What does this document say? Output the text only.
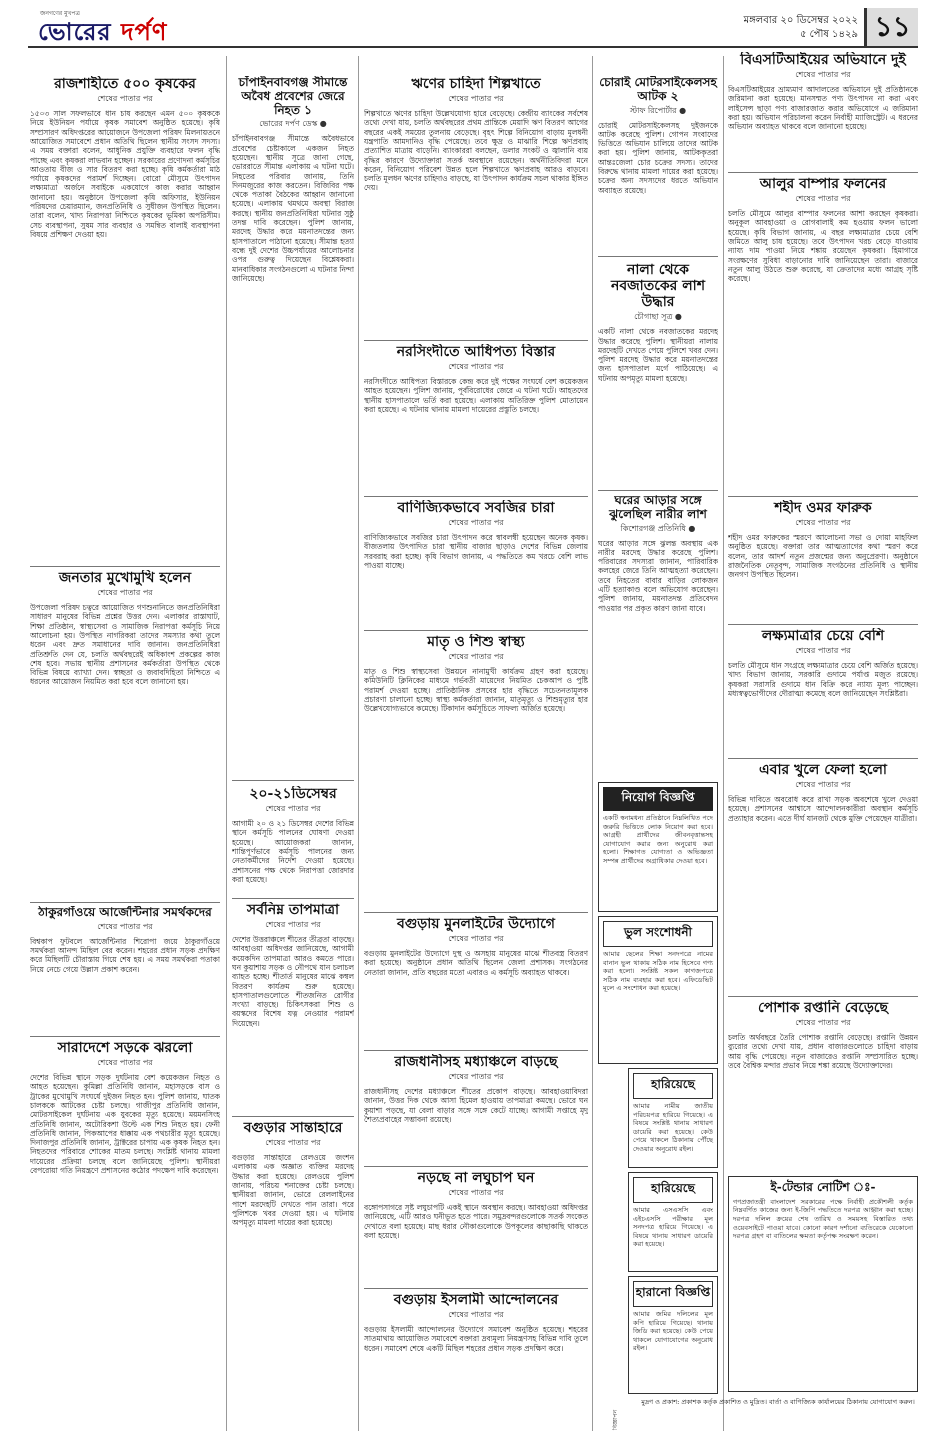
জনগণের মুখপত্র
ভোরের দর্পণ	মঙ্গলবার ২০ ডিসেম্বর ২০২২
৫ পৌষ ১৪২৯ ১১
রাজশাহীতে ৫০০ কৃষকের
শেষের পাতার পর
১৫০৩ সাল সফলভাবে ধান চাষ করছেন এমন ৫০০ কৃষককে নিয়ে ইউনিয়ন পর্যায়ে কৃষক সমাবেশ অনুষ্ঠিত হয়েছে। কৃষি সম্প্রসারণ অধিদপ্তরের আয়োজনে উপজেলা পরিষদ মিলনায়তনে আয়োজিত সমাবেশে প্রধান অতিথি ছিলেন স্থানীয় সংসদ সদস্য। এ সময় বক্তারা বলেন, আধুনিক প্রযুক্তি ব্যবহারে ফলন বৃদ্ধি পাচ্ছে এবং কৃষকরা লাভবান হচ্ছেন। সরকারের প্রণোদনা কর্মসূচির আওতায় বীজ ও সার বিতরণ করা হচ্ছে। কৃষি কর্মকর্তারা মাঠ পর্যায়ে কৃষকদের পরামর্শ দিচ্ছেন। বোরো মৌসুমে উৎপাদন লক্ষ্যমাত্রা অর্জনে সবাইকে একযোগে কাজ করার আহ্বান জানানো হয়। অনুষ্ঠানে উপজেলা কৃষি অফিসার, ইউনিয়ন পরিষদের চেয়ারম্যান, জনপ্রতিনিধি ও সুধীজন উপস্থিত ছিলেন। তারা বলেন, খাদ্য নিরাপত্তা নিশ্চিতে কৃষকের ভূমিকা অপরিসীম। সেচ ব্যবস্থাপনা, সুষম সার ব্যবহার ও সমন্বিত বালাই ব্যবস্থাপনা বিষয়ে প্রশিক্ষণ দেওয়া হয়।
জনতার মুখোমুখি হলেন
শেষের পাতার পর
উপজেলা পরিষদ চত্বরে আয়োজিত গণশুনানিতে জনপ্রতিনিধিরা সাধারণ মানুষের বিভিন্ন প্রশ্নের উত্তর দেন। এলাকার রাস্তাঘাট, শিক্ষা প্রতিষ্ঠান, স্বাস্থ্যসেবা ও সামাজিক নিরাপত্তা কর্মসূচি নিয়ে আলোচনা হয়। উপস্থিত নাগরিকরা তাদের সমস্যার কথা তুলে ধরেন এবং দ্রুত সমাধানের দাবি জানান। জনপ্রতিনিধিরা প্রতিশ্রুতি দেন যে, চলতি অর্থবছরেই অধিকাংশ প্রকল্পের কাজ শেষ হবে। সভায় স্থানীয় প্রশাসনের কর্মকর্তারা উপস্থিত থেকে বিভিন্ন বিষয়ে ব্যাখ্যা দেন। স্বচ্ছতা ও জবাবদিহিতা নিশ্চিতে এ ধরনের আয়োজন নিয়মিত করা হবে বলে জানানো হয়।
ঠাকুরগাঁওয়ে আর্জেন্টিনার সমর্থকদের
শেষের পাতার পর
বিশ্বকাপ ফুটবলে আর্জেন্টিনার শিরোপা জয়ে ঠাকুরগাঁওয়ে সমর্থকরা আনন্দ মিছিল বের করেন। শহরের প্রধান সড়ক প্রদক্ষিণ করে মিছিলটি চৌরাস্তায় গিয়ে শেষ হয়। এ সময় সমর্থকরা পতাকা নিয়ে নেচে গেয়ে উল্লাস প্রকাশ করেন।
সারাদেশে সড়কে ঝরলো
শেষের পাতার পর
দেশের বিভিন্ন স্থানে সড়ক দুর্ঘটনায় বেশ কয়েকজন নিহত ও আহত হয়েছেন। কুমিল্লা প্রতিনিধি জানান, মহাসড়কে বাস ও ট্রাকের মুখোমুখি সংঘর্ষে দুইজন নিহত হন। পুলিশ জানায়, ঘাতক চালককে আটকের চেষ্টা চলছে। গাজীপুর প্রতিনিধি জানান, মোটরসাইকেল দুর্ঘটনায় এক যুবকের মৃত্যু হয়েছে। ময়মনসিংহ প্রতিনিধি জানান, অটোরিকশা উল্টে এক শিশু নিহত হয়। ফেনী প্রতিনিধি জানান, পিকআপের ধাক্কায় এক পথচারীর মৃত্যু হয়েছে। দিনাজপুর প্রতিনিধি জানান, ট্রাক্টরের চাপায় এক কৃষক নিহত হন। নিহতদের পরিবারে শোকের মাতম চলছে। সংশ্লিষ্ট থানায় মামলা দায়েরের প্রক্রিয়া চলছে বলে জানিয়েছে পুলিশ। স্থানীয়রা বেপরোয়া গতি নিয়ন্ত্রণে প্রশাসনের কঠোর পদক্ষেপ দাবি করেছেন।
চাঁপাইনবাবগঞ্জ সীমান্তে অবৈধ প্রবেশের জেরে নিহত ১
ভোরের দর্পণ ডেস্ক ●
চাঁপাইনবাবগঞ্জ সীমান্তে অবৈধভাবে প্রবেশের চেষ্টাকালে একজন নিহত হয়েছেন। স্থানীয় সূত্রে জানা গেছে, ভোররাতে সীমান্ত এলাকায় এ ঘটনা ঘটে। নিহতের পরিবার জানায়, তিনি দিনমজুরের কাজ করতেন। বিজিবির পক্ষ থেকে পতাকা বৈঠকের আহ্বান জানানো হয়েছে। এলাকায় থমথমে অবস্থা বিরাজ করছে। স্থানীয় জনপ্রতিনিধিরা ঘটনার সুষ্ঠু তদন্ত দাবি করেছেন। পুলিশ জানায়, মরদেহ উদ্ধার করে ময়নাতদন্তের জন্য হাসপাতালে পাঠানো হয়েছে। সীমান্ত হত্যা বন্ধে দুই দেশের উচ্চপর্যায়ের আলোচনার ওপর গুরুত্ব দিয়েছেন বিশ্লেষকরা। মানবাধিকার সংগঠনগুলো এ ঘটনার নিন্দা জানিয়েছে।
২০-২১ডিসেম্বর
শেষের পাতার পর
আগামী ২০ ও ২১ ডিসেম্বর দেশের বিভিন্ন স্থানে কর্মসূচি পালনের ঘোষণা দেওয়া হয়েছে। আয়োজকরা জানান, শান্তিপূর্ণভাবে কর্মসূচি পালনের জন্য নেতাকর্মীদের নির্দেশ দেওয়া হয়েছে। প্রশাসনের পক্ষ থেকে নিরাপত্তা জোরদার করা হয়েছে।
সর্বনিম্ন তাপমাত্রা
শেষের পাতার পর
দেশের উত্তরাঞ্চলে শীতের তীব্রতা বাড়ছে। আবহাওয়া অধিদপ্তর জানিয়েছে, আগামী কয়েকদিন তাপমাত্রা আরও কমতে পারে। ঘন কুয়াশায় সড়ক ও নৌপথে যান চলাচল ব্যাহত হচ্ছে। শীতার্ত মানুষের মাঝে কম্বল বিতরণ কার্যক্রম শুরু হয়েছে। হাসপাতালগুলোতে শীতজনিত রোগীর সংখ্যা বাড়ছে। চিকিৎসকরা শিশু ও বয়স্কদের বিশেষ যত্ন নেওয়ার পরামর্শ দিয়েছেন।
বগুড়ার সান্তাহারে
শেষের পাতার পর
বগুড়ার সান্তাহারে রেলওয়ে জংশন এলাকায় এক অজ্ঞাত ব্যক্তির মরদেহ উদ্ধার করা হয়েছে। রেলওয়ে পুলিশ জানায়, পরিচয় শনাক্তের চেষ্টা চলছে। স্থানীয়রা জানান, ভোরে রেললাইনের পাশে মরদেহটি দেখতে পান তারা। পরে পুলিশকে খবর দেওয়া হয়। এ ঘটনায় অপমৃত্যু মামলা দায়ের করা হয়েছে।
ঋণের চাহিদা শিল্পখাতে
শেষের পাতার পর
শিল্পখাতে ঋণের চাহিদা উল্লেখযোগ্য হারে বেড়েছে। কেন্দ্রীয় ব্যাংকের সর্বশেষ তথ্যে দেখা যায়, চলতি অর্থবছরের প্রথম প্রান্তিকে মেয়াদি ঋণ বিতরণ আগের বছরের একই সময়ের তুলনায় বেড়েছে। বৃহৎ শিল্পে বিনিয়োগ বাড়ায় মূলধনী যন্ত্রপাতি আমদানিও বৃদ্ধি পেয়েছে। তবে ক্ষুদ্র ও মাঝারি শিল্পে ঋণপ্রবাহ প্রত্যাশিত মাত্রায় বাড়েনি। ব্যাংকাররা বলছেন, ডলার সংকট ও জ্বালানি ব্যয় বৃদ্ধির কারণে উদ্যোক্তারা সতর্ক অবস্থানে রয়েছেন। অর্থনীতিবিদরা মনে করেন, বিনিয়োগ পরিবেশ উন্নত হলে শিল্পখাতে ঋণপ্রবাহ আরও বাড়বে। চলতি মূলধন ঋণের চাহিদাও বাড়ছে, যা উৎপাদন কার্যক্রম সচল থাকার ইঙ্গিত দেয়।
নরসিংদীতে আধিপত্য বিস্তার
শেষের পাতার পর
নরসিংদীতে আধিপত্য বিস্তারকে কেন্দ্র করে দুই পক্ষের সংঘর্ষে বেশ কয়েকজন আহত হয়েছেন। পুলিশ জানায়, পূর্ববিরোধের জেরে এ ঘটনা ঘটে। আহতদের স্থানীয় হাসপাতালে ভর্তি করা হয়েছে। এলাকায় অতিরিক্ত পুলিশ মোতায়েন করা হয়েছে। এ ঘটনায় থানায় মামলা দায়েরের প্রস্তুতি চলছে।
বাণিজ্যিকভাবে সবজির চারা
শেষের পাতার পর
বাণিজ্যিকভাবে সবজির চারা উৎপাদন করে স্বাবলম্বী হয়েছেন অনেক কৃষক। বীজতলায় উৎপাদিত চারা স্থানীয় বাজার ছাড়াও দেশের বিভিন্ন জেলায় সরবরাহ করা হচ্ছে। কৃষি বিভাগ জানায়, এ পদ্ধতিতে কম খরচে বেশি লাভ পাওয়া যাচ্ছে।
মাতৃ ও শিশু স্বাস্থ্য
শেষের পাতার পর
মাতৃ ও শিশু স্বাস্থ্যসেবা উন্নয়নে নানামুখী কার্যক্রম গ্রহণ করা হয়েছে। কমিউনিটি ক্লিনিকের মাধ্যমে গর্ভবতী মায়েদের নিয়মিত চেকআপ ও পুষ্টি পরামর্শ দেওয়া হচ্ছে। প্রাতিষ্ঠানিক প্রসবের হার বৃদ্ধিতে সচেতনতামূলক প্রচারণা চালানো হচ্ছে। স্বাস্থ্য কর্মকর্তারা জানান, মাতৃমৃত্যু ও শিশুমৃত্যুর হার উল্লেখযোগ্যভাবে কমেছে। টিকাদান কর্মসূচিতে সাফল্য অর্জিত হয়েছে।
বগুড়ায় মুনলাইটের উদ্যোগে
শেষের পাতার পর
বগুড়ায় মুনলাইটের উদ্যোগে দুস্থ ও অসহায় মানুষের মাঝে শীতবস্ত্র বিতরণ করা হয়েছে। অনুষ্ঠানে প্রধান অতিথি ছিলেন জেলা প্রশাসক। সংগঠনের নেতারা জানান, প্রতি বছরের মতো এবারও এ কর্মসূচি অব্যাহত থাকবে।
রাজধানীসহ মধ্যাঞ্চলে বাড়ছে
শেষের পাতার পর
রাজধানীসহ দেশের মধ্যাঞ্চলে শীতের প্রকোপ বাড়ছে। আবহাওয়াবিদরা জানান, উত্তর দিক থেকে আসা হিমেল হাওয়ায় তাপমাত্রা কমছে। ভোরে ঘন কুয়াশা পড়ছে, যা বেলা বাড়ার সঙ্গে সঙ্গে কেটে যাচ্ছে। আগামী সপ্তাহে মৃদু শৈত্যপ্রবাহের সম্ভাবনা রয়েছে।
নড়ছে না লঘুচাপ ঘন
শেষের পাতার পর
বঙ্গোপসাগরে সৃষ্ট লঘুচাপটি একই স্থানে অবস্থান করছে। আবহাওয়া অধিদপ্তর জানিয়েছে, এটি আরও ঘনীভূত হতে পারে। সমুদ্রবন্দরগুলোকে সতর্ক সংকেত দেখাতে বলা হয়েছে। মাছ ধরার নৌকাগুলোকে উপকূলের কাছাকাছি থাকতে বলা হয়েছে।
বগুড়ায় ইসলামী আন্দোলনের
শেষের পাতার পর
বগুড়ায় ইসলামী আন্দোলনের উদ্যোগে সমাবেশ অনুষ্ঠিত হয়েছে। শহরের সাতমাথায় আয়োজিত সমাবেশে বক্তারা দ্রব্যমূল্য নিয়ন্ত্রণসহ বিভিন্ন দাবি তুলে ধরেন। সমাবেশ শেষে একটি মিছিল শহরের প্রধান সড়ক প্রদক্ষিণ করে।
চোরাই মোটরসাইকেলসহ আটক ২
স্টাফ রিপোর্টার ●
চোরাই মোটরসাইকেলসহ দুইজনকে আটক করেছে পুলিশ। গোপন সংবাদের ভিত্তিতে অভিযান চালিয়ে তাদের আটক করা হয়। পুলিশ জানায়, আটককৃতরা আন্তঃজেলা চোর চক্রের সদস্য। তাদের বিরুদ্ধে থানায় মামলা দায়ের করা হয়েছে। চক্রের অন্য সদস্যদের ধরতে অভিযান অব্যাহত রয়েছে।
নালা থেকে নবজাতকের লাশ উদ্ধার
চৌগাছা সূত্র ●
একটি নালা থেকে নবজাতকের মরদেহ উদ্ধার করেছে পুলিশ। স্থানীয়রা নালায় মরদেহটি দেখতে পেয়ে পুলিশে খবর দেন। পুলিশ মরদেহ উদ্ধার করে ময়নাতদন্তের জন্য হাসপাতাল মর্গে পাঠিয়েছে। এ ঘটনায় অপমৃত্যু মামলা হয়েছে।
ঘরের আড়ার সঙ্গে ঝুলেছিল নারীর লাশ
কিশোরগঞ্জ প্রতিনিধি ●
ঘরের আড়ার সঙ্গে ঝুলন্ত অবস্থায় এক নারীর মরদেহ উদ্ধার করেছে পুলিশ। পরিবারের সদস্যরা জানান, পারিবারিক কলহের জেরে তিনি আত্মহত্যা করেছেন। তবে নিহতের বাবার বাড়ির লোকজন এটি হত্যাকাণ্ড বলে অভিযোগ করেছেন। পুলিশ জানায়, ময়নাতদন্ত প্রতিবেদন পাওয়ার পর প্রকৃত কারণ জানা যাবে।
নিয়োগ বিজ্ঞপ্তি
একটি স্বনামধন্য প্রতিষ্ঠানে নিম্নলিখিত পদে জরুরি ভিত্তিতে লোক নিয়োগ করা হবে। আগ্রহী প্রার্থীদের জীবনবৃত্তান্তসহ যোগাযোগ করার জন্য অনুরোধ করা হলো। শিক্ষাগত যোগ্যতা ও অভিজ্ঞতা সম্পন্ন প্রার্থীদের অগ্রাধিকার দেওয়া হবে।
ভুল সংশোধনী
আমার ছেলের শিক্ষা সনদপত্রে নামের বানান ভুল থাকায় সঠিক নাম হিসেবে গণ্য করা হলো। সংশ্লিষ্ট সকল কাগজপত্রে সঠিক নাম ব্যবহার করা হবে। এফিডেভিট মূলে এ সংশোধন করা হয়েছে।
হারিয়েছে
আমার নামীয় জাতীয় পরিচয়পত্র হারিয়ে গিয়েছে। এ বিষয়ে সংশ্লিষ্ট থানায় সাধারণ ডায়েরি করা হয়েছে। কেউ পেয়ে থাকলে ঠিকানায় পৌঁছে দেওয়ার অনুরোধ রইল।
হারিয়েছে
আমার এসএসসি এবং এইচএসসি পরীক্ষার মূল সনদপত্র হারিয়ে গিয়েছে। এ বিষয়ে থানায় সাধারণ ডায়েরি করা হয়েছে।
হারানো বিজ্ঞপ্তি
আমার জমির দলিলের মূল কপি হারিয়ে গিয়েছে। থানায় জিডি করা হয়েছে। কেউ পেয়ে থাকলে যোগাযোগের অনুরোধ রইল।
বিজ্ঞাপন
বিএসটিআইয়ের অভিযানে দুই
শেষের পাতার পর
বিএসটিআইয়ের ভ্রাম্যমাণ আদালতের অভিযানে দুই প্রতিষ্ঠানকে জরিমানা করা হয়েছে। মানসম্মত পণ্য উৎপাদন না করা এবং লাইসেন্স ছাড়া পণ্য বাজারজাত করার অভিযোগে এ জরিমানা করা হয়। অভিযান পরিচালনা করেন নির্বাহী ম্যাজিস্ট্রেট। এ ধরনের অভিযান অব্যাহত থাকবে বলে জানানো হয়েছে।
আলুর বাম্পার ফলনের
শেষের পাতার পর
চলতি মৌসুমে আলুর বাম্পার ফলনের আশা করছেন কৃষকরা। অনুকূল আবহাওয়া ও রোগবালাই কম হওয়ায় ফলন ভালো হয়েছে। কৃষি বিভাগ জানায়, এ বছর লক্ষ্যমাত্রার চেয়ে বেশি জমিতে আলু চাষ হয়েছে। তবে উৎপাদন খরচ বেড়ে যাওয়ায় ন্যায্য দাম পাওয়া নিয়ে শঙ্কায় রয়েছেন কৃষকরা। হিমাগারে সংরক্ষণের সুবিধা বাড়ানোর দাবি জানিয়েছেন তারা। বাজারে নতুন আলু উঠতে শুরু করেছে, যা ক্রেতাদের মধ্যে আগ্রহ সৃষ্টি করেছে।
শহীদ ওমর ফারুক
শেষের পাতার পর
শহীদ ওমর ফারুকের স্মরণে আলোচনা সভা ও দোয়া মাহফিল অনুষ্ঠিত হয়েছে। বক্তারা তার আত্মত্যাগের কথা স্মরণ করে বলেন, তার আদর্শ নতুন প্রজন্মের জন্য অনুপ্রেরণা। অনুষ্ঠানে রাজনৈতিক নেতৃবৃন্দ, সামাজিক সংগঠনের প্রতিনিধি ও স্থানীয় জনগণ উপস্থিত ছিলেন।
লক্ষ্যমাত্রার চেয়ে বেশি
শেষের পাতার পর
চলতি মৌসুমে ধান সংগ্রহে লক্ষ্যমাত্রার চেয়ে বেশি অর্জিত হয়েছে। খাদ্য বিভাগ জানায়, সরকারি গুদামে পর্যাপ্ত মজুত রয়েছে। কৃষকরা সরাসরি গুদামে ধান বিক্রি করে ন্যায্য মূল্য পাচ্ছেন। মধ্যস্বত্বভোগীদের দৌরাত্ম্য কমেছে বলে জানিয়েছেন সংশ্লিষ্টরা।
এবার খুলে ফেলা হলো
শেষের পাতার পর
বিভিন্ন দাবিতে অবরোধ করে রাখা সড়ক অবশেষে খুলে দেওয়া হয়েছে। প্রশাসনের আশ্বাসে আন্দোলনকারীরা অবস্থান কর্মসূচি প্রত্যাহার করেন। এতে দীর্ঘ যানজট থেকে মুক্তি পেয়েছেন যাত্রীরা।
পোশাক রপ্তানি বেড়েছে
শেষের পাতার পর
চলতি অর্থবছরে তৈরি পোশাক রপ্তানি বেড়েছে। রপ্তানি উন্নয়ন ব্যুরোর তথ্যে দেখা যায়, প্রধান বাজারগুলোতে চাহিদা বাড়ায় আয় বৃদ্ধি পেয়েছে। নতুন বাজারেও রপ্তানি সম্প্রসারিত হচ্ছে। তবে বৈশ্বিক মন্দার প্রভাব নিয়ে শঙ্কা রয়েছে উদ্যোক্তাদের।
ই-টেন্ডার নোটিশ ঃ-
গণপ্রজাতন্ত্রী বাংলাদেশ সরকারের পক্ষে নির্বাহী প্রকৌশলী কর্তৃক নিম্নবর্ণিত কাজের জন্য ই-জিপি পদ্ধতিতে দরপত্র আহ্বান করা হচ্ছে। দরপত্র দলিল ক্রয়ের শেষ তারিখ ও সময়সহ বিস্তারিত তথ্য ওয়েবসাইটে পাওয়া যাবে। কোনো কারণ দর্শানো ব্যতিরেকে যেকোনো দরপত্র গ্রহণ বা বাতিলের ক্ষমতা কর্তৃপক্ষ সংরক্ষণ করেন।
মুদ্রণ ও প্রকাশ: প্রকাশক কর্তৃক প্রকাশিত ও মুদ্রিত। বার্তা ও বাণিজ্যিক কার্যালয়ের ঠিকানায় যোগাযোগ করুন।
